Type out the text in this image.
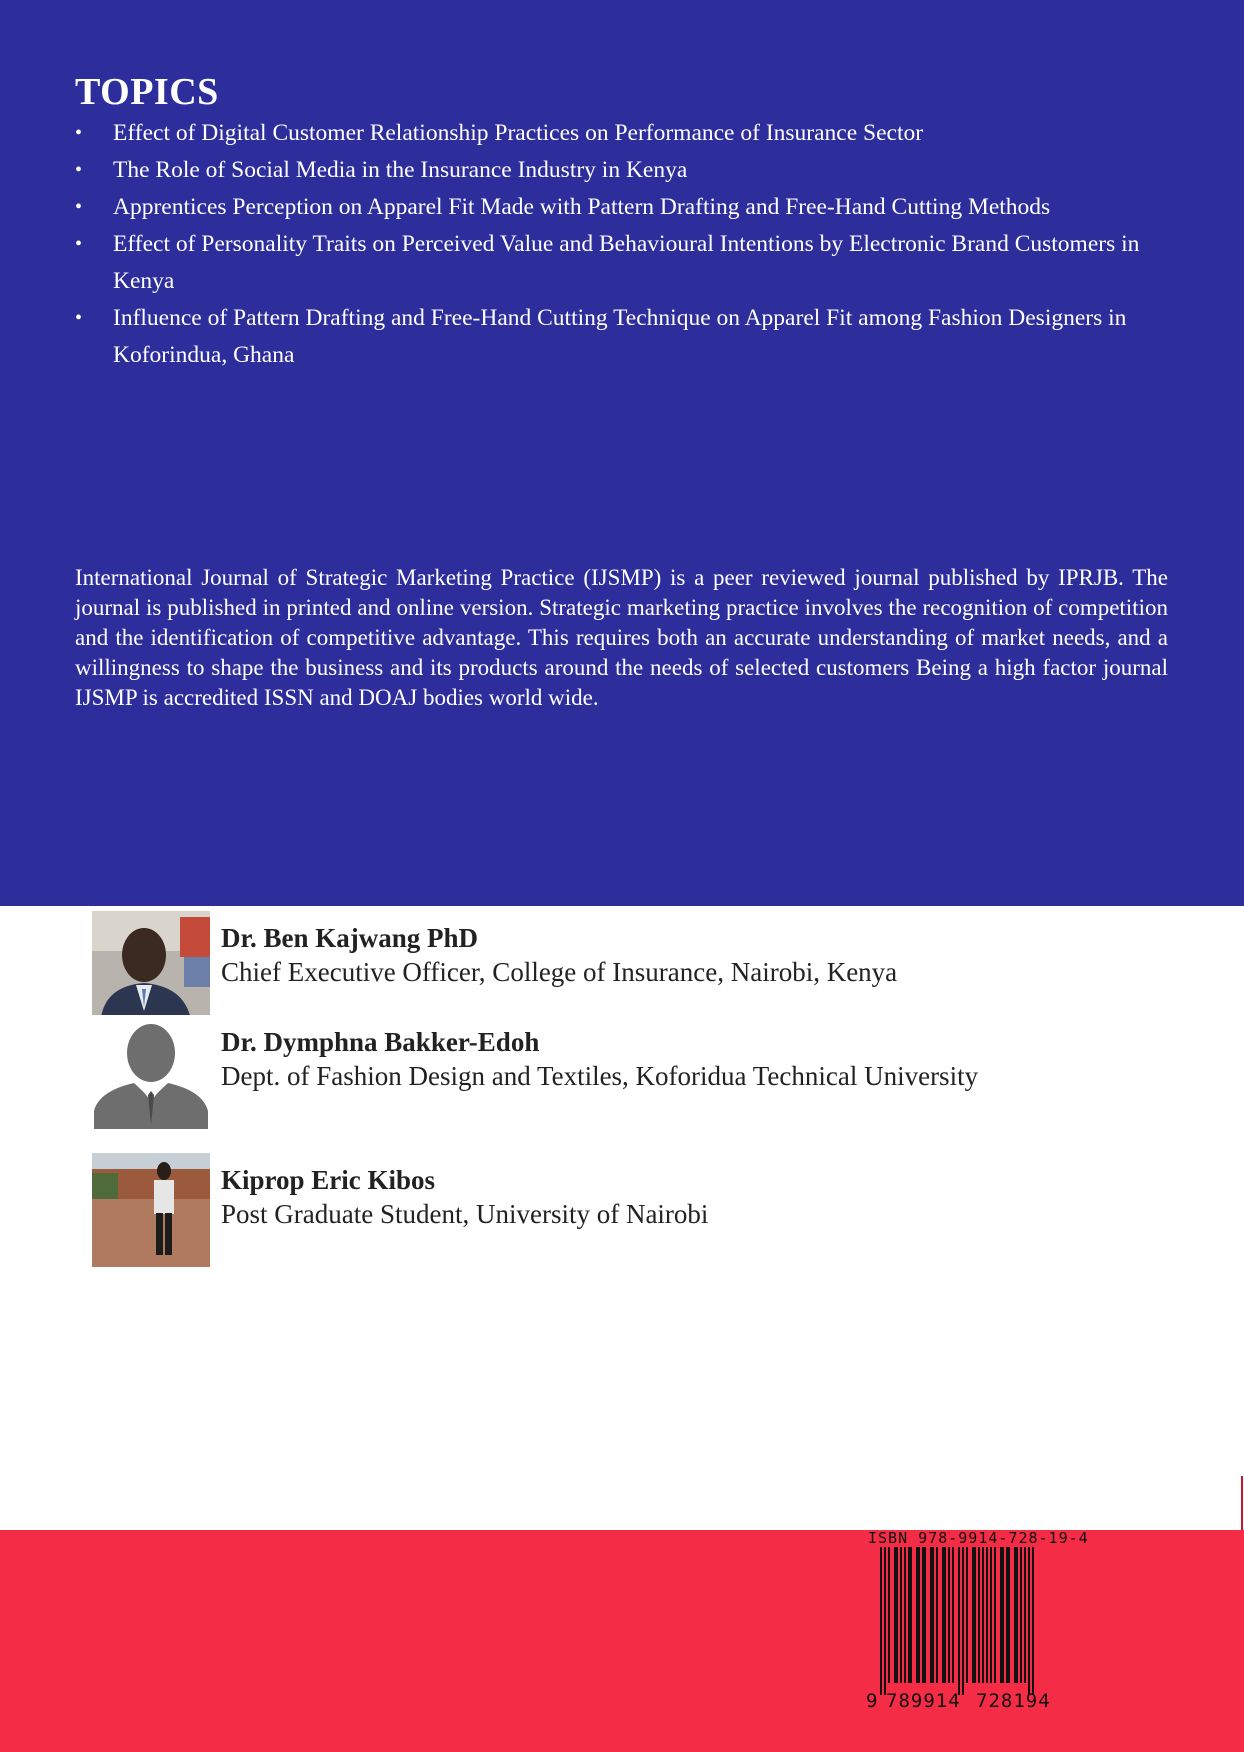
TOPICS
• Effect of Digital Customer Relationship Practices on Performance of Insurance Sector
• The Role of Social Media in the Insurance Industry in Kenya
• Apprentices Perception on Apparel Fit Made with Pattern Drafting and Free-Hand Cutting Methods
• Effect of Personality Traits on Perceived Value and Behavioural Intentions by Electronic Brand Customers in Kenya
• Influence of Pattern Drafting and Free-Hand Cutting Technique on Apparel Fit among Fashion Designers in Koforindua, Ghana

International Journal of Strategic Marketing Practice (IJSMP) is a peer reviewed journal published by IPRJB. The journal is published in printed and online version. Strategic marketing practice involves the recognition of competition and the identification of competitive advantage. This requires both an accurate understanding of market needs, and a willingness to shape the business and its products around the needs of selected customers Being a high factor journal IJSMP is accredited ISSN and DOAJ bodies world wide.

Dr. Ben Kajwang PhD
Chief Executive Officer, College of Insurance, Nairobi, Kenya
Dr. Dymphna Bakker-Edoh
Dept. of Fashion Design and Textiles, Koforidua Technical University
Kiprop Eric Kibos
Post Graduate Student, University of Nairobi
ISBN 978-9914-728-19-4
9 789914 728194
